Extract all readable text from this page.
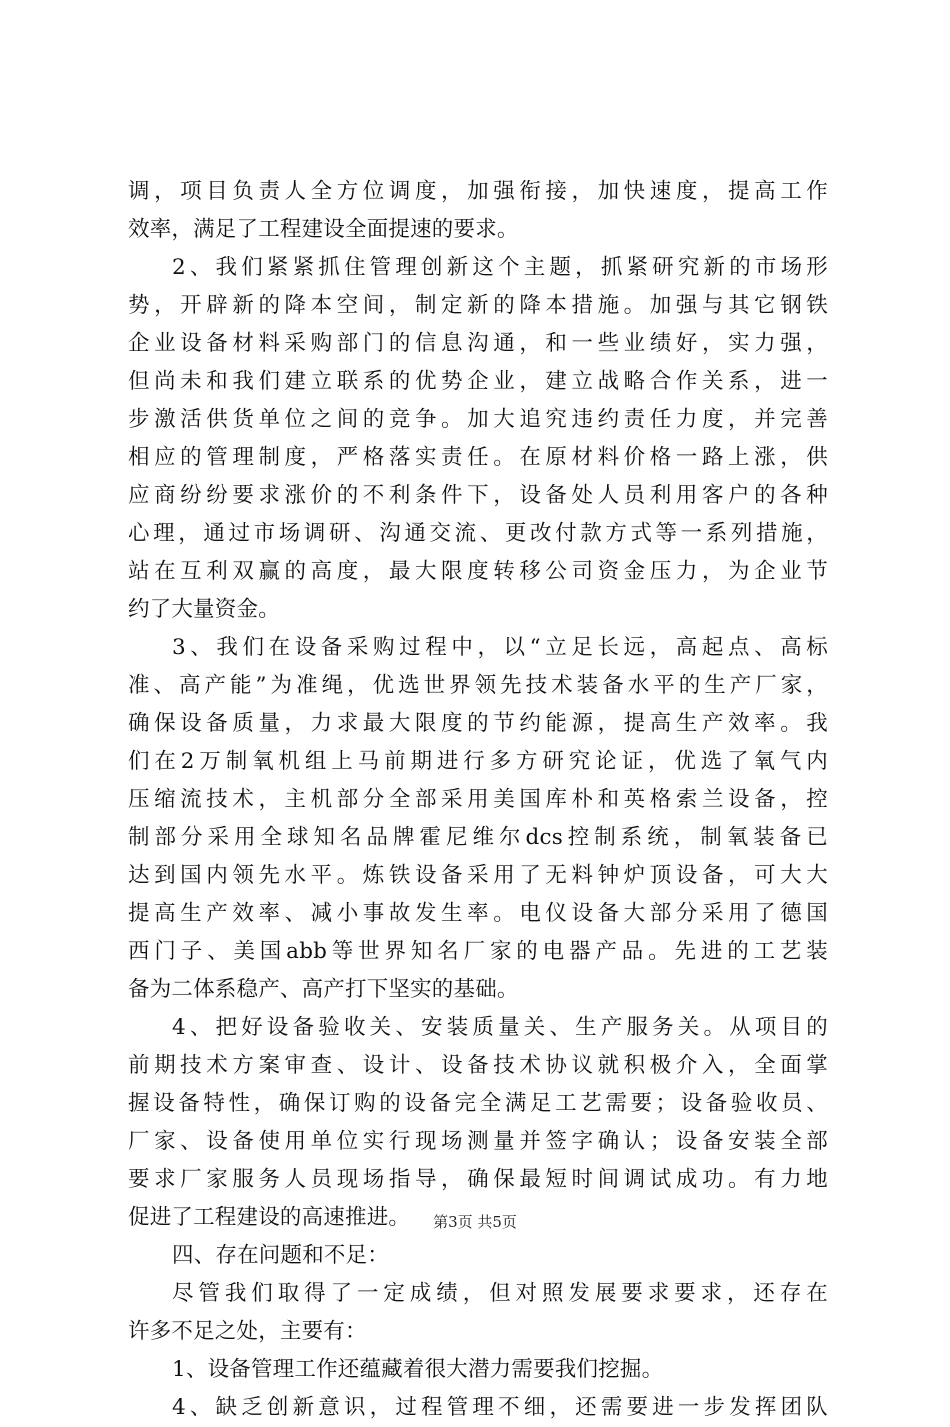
调，项目负责人全方位调度，加强衔接，加快速度，提高工作
效率，满足了工程建设全面提速的要求。
2、我们紧紧抓住管理创新这个主题，抓紧研究新的市场形
势，开辟新的降本空间，制定新的降本措施。加强与其它钢铁
企业设备材料采购部门的信息沟通，和一些业绩好，实力强，
但尚未和我们建立联系的优势企业，建立战略合作关系，进一
步激活供货单位之间的竞争。加大追究违约责任力度，并完善
相应的管理制度，严格落实责任。在原材料价格一路上涨，供
应商纷纷要求涨价的不利条件下，设备处人员利用客户的各种
心理，通过市场调研、沟通交流、更改付款方式等一系列措施，
站在互利双赢的高度，最大限度转移公司资金压力，为企业节
约了大量资金。
3、我们在设备采购过程中，以“立足长远，高起点、高标
准、高产能”为准绳，优选世界领先技术装备水平的生产厂家，
确保设备质量，力求最大限度的节约能源，提高生产效率。我
们在2万制氧机组上马前期进行多方研究论证，优选了氧气内
压缩流技术，主机部分全部采用美国库朴和英格索兰设备，控
制部分采用全球知名品牌霍尼维尔dcs控制系统，制氧装备已
达到国内领先水平。炼铁设备采用了无料钟炉顶设备，可大大
提高生产效率、减小事故发生率。电仪设备大部分采用了德国
西门子、美国abb等世界知名厂家的电器产品。先进的工艺装
备为二体系稳产、高产打下坚实的基础。
4、把好设备验收关、安装质量关、生产服务关。从项目的
前期技术方案审查、设计、设备技术协议就积极介入，全面掌
握设备特性，确保订购的设备完全满足工艺需要；设备验收员、
厂家、设备使用单位实行现场测量并签字确认；设备安装全部
要求厂家服务人员现场指导，确保最短时间调试成功。有力地
促进了工程建设的高速推进。
四、存在问题和不足：
尽管我们取得了一定成绩，但对照发展要求要求，还存在
许多不足之处，主要有：
1、设备管理工作还蕴藏着很大潜力需要我们挖掘。
4、缺乏创新意识，过程管理不细，还需要进一步发挥团队
第3页 共5页
